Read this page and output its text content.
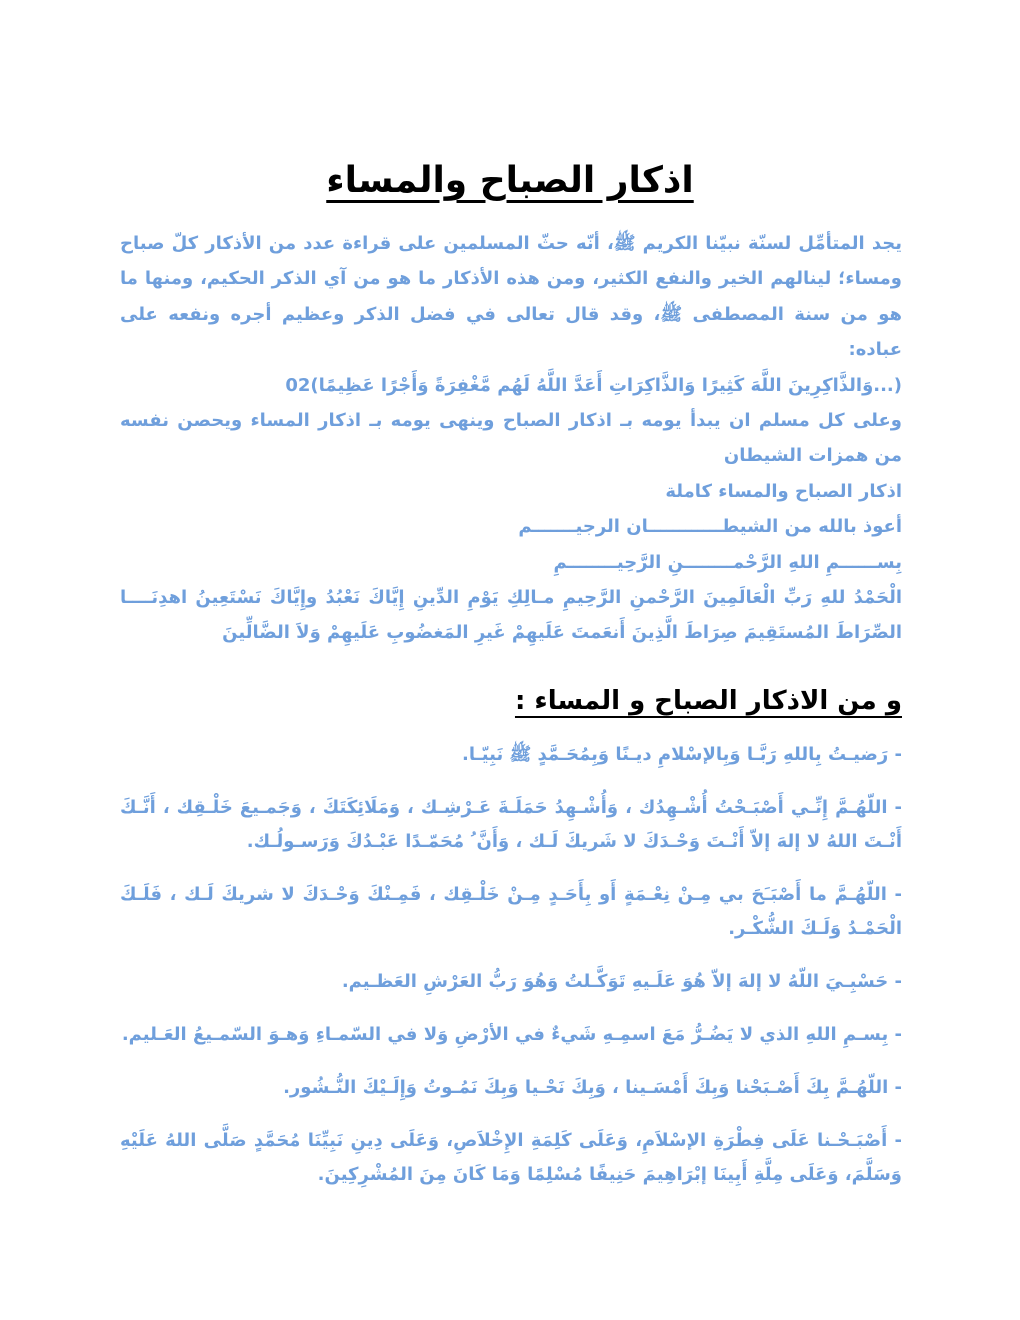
اذكار الصباح والمساء

يجد المتأمِّل لسنّة نبيّنا الكريم ﷺ، أنّه حثّ المسلمين على قراءة عدد من الأذكار كلّ صباح ومساء؛ لينالهم الخير والنفع الكثير، ومن هذه الأذكار ما هو من آي الذكر الحكيم، ومنها ما هو من سنة المصطفى ﷺ، وقد قال تعالى في فضل الذكر وعظيم أجره ونفعه على عباده:

(...وَالذَّاكِرِينَ اللَّهَ كَثِيرًا وَالذَّاكِرَاتِ أَعَدَّ اللَّهُ لَهُم مَّغْفِرَةً وَأَجْرًا عَظِيمًا)02

وعلى كل مسلم ان يبدأ يومه بـ اذكار الصباح وينهى يومه بـ اذكار المساء ويحصن نفسه من همزات الشيطان

اذكار الصباح والمساء كاملة

أعوذ بالله من الشيطــــــــــــان الرجيـــــــم

بِســــــمِ اللهِ الرَّحْمــــــــنِ الرَّحِيــــــــمِ

الْحَمْدُ للهِ رَبِّ الْعَالَمِينَ الرَّحْمنِ الرَّحِيمِ مـالِكِ يَوْمِ الدِّينِ إِيَّاكَ نَعْبُدُ وإِيَّاكَ نَسْتَعِينُ اهدِنَــــا الصِّرَاطَ المُستَقِيمَ صِرَاطَ الَّذِينَ أَنعَمتَ عَلَيهِمْ غَيرِ المَغضُوبِ عَلَيهِمْ وَلاَ الضَّالِّينَ

و من الاذكار الصباح و المساء :

- رَضيـتُ بِاللهِ رَبَّـا وَبِالإسْلامِ ديـنًا وَبِمُحَـمَّدٍ ﷺ نَبِيّـا.

- اللّهُـمَّ إِنِّـي أَصْبَـحْتُ أُشْـهِدُك ، وَأُشْـهِدُ حَمَلَـةَ عَـرْشِـك ، وَمَلَائِكَتَكَ ، وَجَمـيعَ خَلْـقِك ، أَنَّـكَ أَنْـتَ اللهُ لا إلهَ إلاّ أَنْـتَ وَحْـدَكَ لا شَريكَ لَـك ، وَأَنَّ ُ مُحَمّـدًا عَبْـدُكَ وَرَسـولُـك.

- اللّهُـمَّ ما أَصْبَـَحَ بي مِـنْ نِعْـمَةٍ أَو بِأَحَـدٍ مِـنْ خَلْـقِك ، فَمِـنْكَ وَحْـدَكَ لا شريكَ لَـك ، فَلَـكَ الْحَمْـدُ وَلَـكَ الشُّكْـر.

- حَسْبِـيَ اللّهُ لا إلهَ إلاّ هُوَ عَلَـيهِ تَوَكَّـلتُ وَهُوَ رَبُّ العَرْشِ العَظـيم.

- بِسـمِ اللهِ الذي لا يَضُـرُّ مَعَ اسمِـهِ شَيءٌ في الأرْضِ وَلا في السّمـاءِ وَهـوَ السّمـيعُ العَـليم.

- اللّهُـمَّ بِكَ أَصْـبَحْنا وَبِكَ أَمْسَـينا ، وَبِكَ نَحْـيا وَبِكَ نَمُـوتُ وَإِلَـيْكَ النُّـشُور.

- أَصْبَـحْـنا عَلَى فِطْرَةِ الإسْلاَمِ، وَعَلَى كَلِمَةِ الإِخْلاَصِ، وَعَلَى دِينِ نَبِيِّنَا مُحَمَّدٍ صَلَّى اللهُ عَلَيْهِ وَسَلَّمَ، وَعَلَى مِلَّةِ أَبِينَا إبْرَاهِيمَ حَنِيفًا مُسْلِمًا وَمَا كَانَ مِنَ المُشْرِكِينَ.
